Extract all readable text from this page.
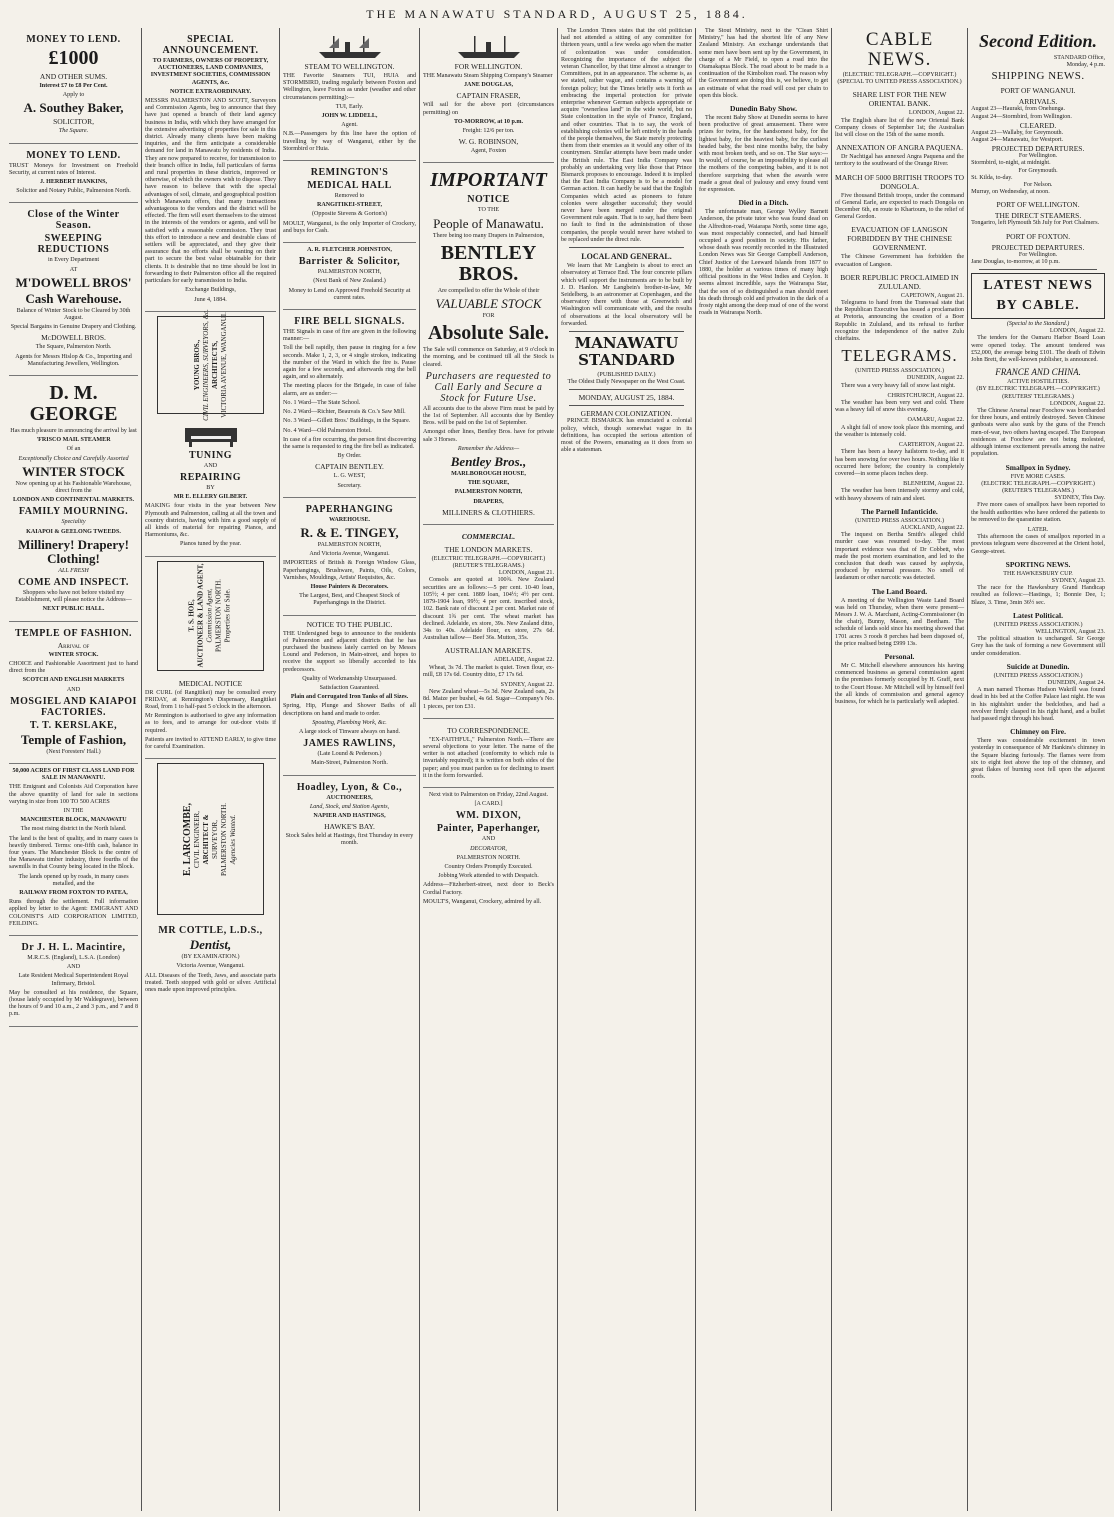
THE MANAWATU STANDARD, AUGUST 25, 1884.
MONEY TO LEND.
£1000

AND OTHER SUMS.

Interest £7 to £8 Per Cent.

Apply to

A. Southey Baker,

SOLICITOR,

The Square.

MONEY TO LEND.

TRUST Moneys for Investment on Freehold Security, at current rates of Interest.

J. HERBERT HANKINS,

Solicitor and Notary Public, Palmerston North.

Close of the Winter Season.
SWEEPING REDUCTIONS

in Every Department

AT

M'DOWELL BROS'
Cash Warehouse.

Balance of Winter Stock to be Cleared by 30th August.

Special Bargains in Genuine Drapery and Clothing.

McDOWELL BROS.

The Square, Palmerston North.

Agents for Messrs Hislop & Co., Importing and Manufacturing Jewellers, Wellington.

D. M. GEORGE

Has much pleasure in announcing the arrival by last

'FRISCO MAIL STEAMER

Of an

Exceptionally Choice and Carefully Assorted

WINTER STOCK

Now opening up at his Fashionable Warehouse, direct from the

LONDON AND CONTINENTAL MARKETS.

FAMILY MOURNING.

Speciality

KAIAPOI & GEELONG TWEEDS.

Millinery! Drapery! Clothing!

ALL FRESH

COME AND INSPECT.

Shoppers who have not before visited my Establishment, will please notice the Address—

NEXT PUBLIC HALL.

TEMPLE OF FASHION.

Arrival of

WINTER STOCK.

CHOICE and Fashionable Assortment just to hand direct from the

SCOTCH AND ENGLISH MARKETS

AND

MOSGIEL AND KAIAPOI FACTORIES.
T. T. KERSLAKE,
Temple of Fashion,

(Next Foresters' Hall.)

50,000 ACRES OF FIRST CLASS LAND FOR SALE IN MANAWATU.

THE Emigrant and Colonists Aid Corporation have the above quantity of land for sale in sections varying in size from 100 TO 500 ACRES

IN THE

MANCHESTER BLOCK, MANAWATU

The most rising district in the North Island.

The land is the best of quality, and in many cases is heavily timbered. Terms: one-fifth cash, balance in four years. The Manchester Block is the centre of the Manawatu timber industry, three fourths of the sawmills in that County being located in the Block.

The lands opened up by roads, in many cases metalled, and the

RAILWAY FROM FOXTON TO PATEA,

Runs through the settlement. Full information applied by letter to the Agent: EMIGRANT AND COLONIST'S AID CORPORATION LIMITED, FEILDING.

Dr J. H. L. Macintire,

M.R.C.S. (England), L.S.A. (London)

AND

Late Resident Medical Superintendent Royal Infirmary, Bristol.

May be consulted at his residence, the Square, (house lately occupied by Mr Waldegrave), between the hours of 9 and 10 a.m., 2 and 3 p.m., and 7 and 8 p.m.

SPECIAL ANNOUNCEMENT.

TO FARMERS, OWNERS OF PROPERTY, AUCTIONEERS, LAND COMPANIES, INVESTMENT SOCIETIES, COMMISSION AGENTS, &c.

NOTICE EXTRAORDINARY.

MESSRS PALMERSTON AND SCOTT, Surveyors and Commission Agents, beg to announce that they have just opened a branch of their land agency business in India, with which they have arranged for the extensive advertising of properties for sale in this district. Already many clients have been making inquiries, and the firm anticipate a considerable demand for land in Manawatu by residents of India. They are now prepared to receive, for transmission to their branch office in India, full particulars of farms and rural properties in these districts, improved or otherwise, of which the owners wish to dispose. They have reason to believe that with the special advantages of soil, climate, and geographical position which Manawatu offers, that many transactions advantageous to the vendors and the district will be effected. The firm will exert themselves to the utmost in the interests of the vendors or agents, and will be satisfied with a reasonable commission. They trust this effort to introduce a new and desirable class of settlers will be appreciated, and they give their assurance that no efforts shall be wanting on their part to secure the best value obtainable for their clients. It is desirable that no time should be lost in forwarding to their Palmerston office all the required particulars for early transmission to India.

Exchange Buildings,

June 4, 1884.

YOUNG BROS.,
CIVIL ENGINEERS, SURVEYORS, &c.
ARCHITECTS,
VICTORIA AVENUE, WANGANUI.
TUNING

AND

REPAIRING

BY

MR E. ELLERY GILBERT.

MAKING four visits in the year between New Plymouth and Palmerston, calling at all the town and country districts, having with him a good supply of all kinds of material for repairing Pianos, and Harmoniums, &c.

Pianos tuned by the year.

T. S. HOE,
AUCTIONEER & LAND AGENT,
Commission Agent,
PALMERSTON NORTH.
Properties for Sale.

MEDICAL NOTICE

DR CURL (of Rangitikei) may be consulted every FRIDAY, at Rennington's Dispensary, Rangitikei Road, from 1 to half-past 5 o'clock in the afternoon.

Mr Rennington is authorised to give any information as to fees, and to arrange for out-door visits if required.

Patients are invited to ATTEND EARLY, to give time for careful Examination.

E. LARCOMBE,
CIVIL ENGINEER,
ARCHITECT &
SURVEYOR,
PALMERSTON NORTH.
Agencies Wanted.
MR COTTLE, L.D.S.,
Dentist,

(BY EXAMINATION.)

Victoria Avenue, Wanganui.

ALL Diseases of the Teeth, Jaws, and associate parts treated. Teeth stopped with gold or silver. Artificial ones made upon improved principles.

STEAM TO WELLINGTON.

THE Favorite Steamers TUI, HUIA and STORMBIRD, trading regularly between Foxton and Wellington, leave Foxton as under (weather and other circumstances permitting):—

TUI, Early.

JOHN W. LIDDELL,

Agent.

N.B.—Passengers by this line have the option of travelling by way of Wanganui, either by the Stormbird or Huia.

REMINGTON'S
MEDICAL HALL

Removed to

RANGITIKEI-STREET,

(Opposite Stevens & Gorton's)

MOULT, Wanganui, is the only Importer of Crockery, and buys for Cash.

A. R. FLETCHER JOHNSTON,

Barrister & Solicitor,

PALMERSTON NORTH,

(Next Bank of New Zealand.)

Money to Lend on Approved Freehold Security at current rates.

FIRE BELL SIGNALS.

THE Signals in case of fire are given in the following manner:—

Toll the bell rapidly, then pause in ringing for a few seconds. Make 1, 2, 3, or 4 single strokes, indicating the number of the Ward in which the fire is. Pause again for a few seconds, and afterwards ring the bell again, and so alternately.

The meeting places for the Brigade, in case of false alarm, are as under:—

No. 1 Ward—The State School.

No. 2 Ward—Richter, Beauvais & Co.'s Saw Mill.

No. 3 Ward—Gillett Bros.' Buildings, in the Square.

No. 4 Ward—Old Palmerston Hotel.

In case of a fire occurring, the person first discovering the same is requested to ring the fire bell as indicated.

By Order.

CAPTAIN BENTLEY.

L. G. WEST,

Secretary.

PAPERHANGING

WAREHOUSE.

R. & E. TINGEY,

PALMERSTON NORTH,

And Victoria Avenue, Wanganui.

IMPORTERS of British & Foreign Window Glass, Paperhangings, Brushware, Paints, Oils, Colors, Varnishes, Mouldings, Artists' Requisites, &c.

House Painters & Decorators.

The Largest, Best, and Cheapest Stock of Paperhangings in the District.

NOTICE TO THE PUBLIC.

THE Undersigned begs to announce to the residents of Palmerston and adjacent districts that he has purchased the business lately carried on by Messrs Lound and Pederson, in Main-street, and hopes to receive the support so liberally accorded to his predecessors.

Quality of Workmanship Unsurpassed.

Satisfaction Guaranteed.

Plain and Corrugated Iron Tanks of all Sizes.

Spring, Hip, Plunge and Shower Baths of all descriptions on hand and made to order.

Spouting, Plumbing Work, &c.

A large stock of Tinware always on hand.

JAMES RAWLINS,

(Late Lound & Pederson.)

Main-Street, Palmerston North.

Hoadley, Lyon, & Co.,

AUCTIONEERS,

Land, Stock, and Station Agents,

NAPIER AND HASTINGS,

HAWKE'S BAY.

Stock Sales held at Hastings, first Thursday in every month.

FOR WELLINGTON.

THE Manawatu Steam Shipping Company's Steamer

JANE DOUGLAS,

CAPTAIN FRASER,

Will sail for the above port (circumstances permitting) on

TO-MORROW, at 10 p.m.

Freight: 12/6 per ton.

W. G. ROBINSON,

Agent, Foxton

IMPORTANT
NOTICE

TO THE

People of Manawatu.

There being too many Drapers in Palmerston,

BENTLEY BROS.

Are compelled to offer the Whole of their

VALUABLE STOCK

FOR

Absolute Sale.

The Sale will commence on Saturday, at 9 o'clock in the morning, and be continued till all the Stock is cleared.

Purchasers are requested to Call Early and Secure a Stock for Future Use.

All accounts due to the above Firm must be paid by the 1st of September. All accounts due by Bentley Bros. will be paid on the 1st of September.

Amongst other lines, Bentley Bros. have for private sale 3 Horses.

Remember the Address—

Bentley Bros.,

MARLBOROUGH HOUSE,

THE SQUARE,

PALMERSTON NORTH,

DRAPERS,

MILLINERS & CLOTHIERS.

COMMERCIAL.
THE LONDON MARKETS.
(ELECTRIC TELEGRAPH.—COPYRIGHT.)
(REUTER'S TELEGRAMS.)
LONDON, August 21.

Consols are quoted at 100¾. New Zealand securities are as follows:—5 per cent. 10-40 loan, 105½; 4 per cent. 1889 loan, 104½; 4½ per cent. 1879-1904 loan, 99½; 4 per cent. inscribed stock, 102. Bank rate of discount 2 per cent. Market rate of discount 1¾ per cent. The wheat market has declined. Adelaide, ex store, 39s. New Zealand ditto, 34s to 40s. Adelaide flour, ex store, 27s 6d. Australian tallow— Beef 36s. Mutton, 35s.

AUSTRALIAN MARKETS.
ADELAIDE, August 22.

Wheat, 3s 7d. The market is quiet. Town flour, ex-mill, £8 17s 6d. Country ditto, £7 17s 6d.

SYDNEY, August 22.

New Zealand wheat—5s 3d. New Zealand oats, 2s 8d. Maize per bushel, 4s 6d. Sugar—Company's No. 1 pieces, per ton £31.

TO CORRESPONDENCE.

"EX-FAITHFUL," Palmerston North.—There are several objections to your letter. The name of the writer is not attached (conformity to which rule is invariably required); it is written on both sides of the paper; and you must pardon us for declining to insert it in the form forwarded.

Next visit to Palmerston on Friday, 22nd August.

[A CARD.]

WM. DIXON,
Painter, Paperhanger,

AND

DECORATOR,

PALMERSTON NORTH.

Country Orders Promptly Executed.

Jobbing Work attended to with Despatch.

Address—Fitzherbert-street, next door to Beck's Cordial Factory.

MOULT'S, Wanganui, Crockery, admired by all.

The London Times states that the old politician had not attended a sitting of any committee for thirteen years, until a few weeks ago when the matter of colonization was under consideration. Recognizing the importance of the subject the veteran Chancellor, by that time almost a stranger to Committees, put in an appearance. The scheme is, as we stated, rather vague, and contains a warning of foreign policy; but the Times briefly sets it forth as embracing the imperial protection for private enterprise whenever German subjects appropriate or acquire "ownerless land" in the wide world, but no State colonization in the style of France, England, and other countries. That is to say, the work of establishing colonies will be left entirely in the hands of the people themselves, the State merely protecting them from their enemies as it would any other of its countrymen. Similar attempts have been made under the British rule. The East India Company was probably an undertaking very like those that Prince Bismarck proposes to encourage. Indeed it is implied that the East India Company is to be a model for German action. It can hardly be said that the English Companies which acted as pioneers to future colonies were altogether successful; they would never have been merged under the original Government rule again. That is to say, had there been no fault to find in the administration of those companies, the people would never have wished to be replaced under the direct rule.

LOCAL AND GENERAL.

We learn that Mr Langbein is about to erect an observatory at Terrace End. The four concrete pillars which will support the instruments are to be built by J. D. Hanlon. Mr Langbein's brother-in-law, Mr Seidelberg, is an astronomer at Copenhagen, and the observatory there with those at Greenwich and Washington will communicate with, and the results of observations at the local observatory will be forwarded.

MANAWATU STANDARD
(PUBLISHED DAILY.)
The Oldest Daily Newspaper on the West Coast.
MONDAY, AUGUST 25, 1884.
GERMAN COLONIZATION.

PRINCE BISMARCK has enunciated a colonial policy, which, though somewhat vague in its definitions, has occupied the serious attention of most of the Powers, emanating as it does from so able a statesman.

The Stout Ministry, next to the "Clean Shirt Ministry," has had the shortest life of any New Zealand Ministry. An exchange understands that some men have been sent up by the Government, in charge of a Mr Field, to open a road into the Otamakapua Block. The road about to be made is a continuation of the Kimbolton road. The reason why the Government are doing this is, we believe, to get an estimate of what the road will cost per chain to open this block.

Dunedin Baby Show.

The recent Baby Show at Dunedin seems to have been productive of great amusement. There were prizes for twins, for the handsomest baby, for the lightest baby, for the heaviest baby, for the curliest headed baby, the best nine months baby, the baby with most broken teeth, and so on. The Star says:—In would, of course, be an impossibility to please all the mothers of the competing babies, and it is not therefore surprising that when the awards were made a great deal of jealousy and envy found vent for expression.

Died in a Ditch.

The unfortunate man, George Wylley Barnett Anderson, the private tutor who was found dead on the Alfredton-road, Waiarapa North, some time ago, was most respectably connected, and had himself occupied a good position in society. His father, whose death was recently recorded in the Illustrated London News was Sir George Campbell Anderson, Chief Justice of the Leeward Islands from 1877 to 1880, the holder at various times of many high official positions in the West Indies and Ceylon. It seems almost incredible, says the Wairarapa Star, that the son of so distinguished a man should meet his death through cold and privation in the dark of a frosty night among the deep mud of one of the worst roads in Wairarapa North.

CABLE NEWS.
(ELECTRIC TELEGRAPH.—COPYRIGHT.)
(SPECIAL TO UNITED PRESS ASSOCIATION.)
SHARE LIST FOR THE NEW ORIENTAL BANK.
LONDON, August 22.

The English share list of the new Oriental Bank Company closes of September 1st; the Australian list will close on the 15th of the same month.

ANNEXATION OF ANGRA PAQUENA.

Dr Nachtigal has annexed Angra Paquena and the territory to the southward of the Orange River.

MARCH OF 5000 BRITISH TROOPS TO DONGOLA.

Five thousand British troops, under the command of General Earle, are expected to reach Dongola on December 6th, en route to Khartoum, to the relief of General Gordon.

EVACUATION OF LANGSON FORBIDDEN BY THE CHINESE GOVERNMENT.

The Chinese Government has forbidden the evacuation of Langson.

BOER REPUBLIC PROCLAIMED IN ZULULAND.
CAPETOWN, August 21.

Telegrams to hand from the Transvaal state that the Republican Executive has issued a proclamation at Pretoria, announcing the creation of a Boer Republic in Zululand, and its refusal to further recognize the independence of the native Zulu chieftains.

TELEGRAMS.
(UNITED PRESS ASSOCIATION.)
DUNEDIN, August 22.

There was a very heavy fall of snow last night.

CHRISTCHURCH, August 22.

The weather has been very wet and cold. There was a heavy fall of snow this evening.

OAMARU, August 22.

A slight fall of snow took place this morning, and the weather is intensely cold.

CARTERTON, August 22.

There has been a heavy hailstorm to-day, and it has been snowing for over two hours. Nothing like it occurred here before; the country is completely covered—in some places inches deep.

BLENHEIM, August 22.

The weather has been intensely stormy and cold, with heavy showers of rain and sleet.

The Parnell Infanticide.
(UNITED PRESS ASSOCIATION.)
AUCKLAND, August 22.

The inquest on Bertha Smith's alleged child murder case was resumed to-day. The most important evidence was that of Dr Cobbett, who made the post mortem examination, and led to the conclusion that death was caused by asphyxia, produced by external pressure. No smell of laudanum or other narcotic was detected.

The Land Board.

A meeting of the Wellington Waste Land Board was held on Thursday, when there were present—Messrs J. W. A. Marchant, Acting-Commissioner (in the chair), Bunny, Mason, and Beetham. The schedule of lands sold since his meeting showed that 1701 acres 3 roods 8 perches had been disposed of, the price realised being £999 13s.

Personal.

Mr C. Mitchell elsewhere announces his having commenced business as general commission agent in the premises formerly occupied by H. Graff, next to the Court House. Mr Mitchell will by himself feel the all kinds of commission and general agency business, for which he is particularly well adapted.

Second Edition.
STANDARD Office,
Monday, 4 p.m.
SHIPPING NEWS.
PORT OF WANGANUI.
ARRIVALS.
August 23—Hauraki, from Onehunga.
August 24—Stormbird, from Wellington.
CLEARED.
August 23—Wallaby, for Greymouth.
August 24—Manawatu, for Westport.
PROJECTED DEPARTURES.
For Wellington.
Stormbird, to-night, at midnight.
For Greymouth.
St. Kilda, to-day.
For Nelson.
Murray, on Wednesday, at noon.
PORT OF WELLINGTON.
THE DIRECT STEAMERS.
Tongariro, left Plymouth 5th July for Port Chalmers.
PORT OF FOXTON.
PROJECTED DEPARTURES.
For Wellington.
Jane Douglas, to-morrow, at 10 p.m.
LATEST NEWS BY CABLE.
(Special to the Standard.)
LONDON, August 22.

The tenders for the Oamaru Harbor Board Loan were opened today. The amount tendered was £52,000, the average being £101. The death of Edwin John Brett, the well-known publisher, is announced.

FRANCE AND CHINA.
ACTIVE HOSTILITIES.
(BY ELECTRIC TELEGRAPH.—COPYRIGHT.)
(REUTERS' TELEGRAMS.)
LONDON, August 22.

The Chinese Arsenal near Foochow was bombarded for three hours, and entirely destroyed. Seven Chinese gunboats were also sunk by the guns of the French men-of-war, two others having escaped. The European residences at Foochow are not being molested, although intense excitement prevails among the native population.

Smallpox in Sydney.
FIVE MORE CASES.
(ELECTRIC TELEGRAPH.—COPYRIGHT.)
(REUTER'S TELEGRAMS.)
SYDNEY, This Day.

Five more cases of smallpox have been reported to the health authorities who have ordered the patients to be removed to the quarantine station.

LATER.

This afternoon the cases of smallpox reported in a previous telegram were discovered at the Orient hotel, George-street.

SPORTING NEWS.
THE HAWKESBURY CUP.
SYDNEY, August 23.

The race for the Hawkesbury Grand Handicap resulted as follows:—Hastings, 1; Bonnie Dee, 1; Blaze, 3. Time, 3min 36½ sec.

Latest Political.
(UNITED PRESS ASSOCIATION.)
WELLINGTON, August 23.

The political situation is unchanged. Sir George Grey has the task of forming a new Government still under consideration.

Suicide at Dunedin.
(UNITED PRESS ASSOCIATION.)
DUNEDIN, August 24.

A man named Thomas Hudson Wakrill was found dead in his bed at the Coffee Palace last night. He was in his nightshirt under the bedclothes, and had a revolver firmly clasped in his right hand, and a bullet had passed right through his head.

Chimney on Fire.

There was considerable excitement in town yesterday in consequence of Mr Hankins's chimney in the Square blazing furiously. The flames were from six to eight feet above the top of the chimney, and great flakes of burning soot fell upon the adjacent roofs.
